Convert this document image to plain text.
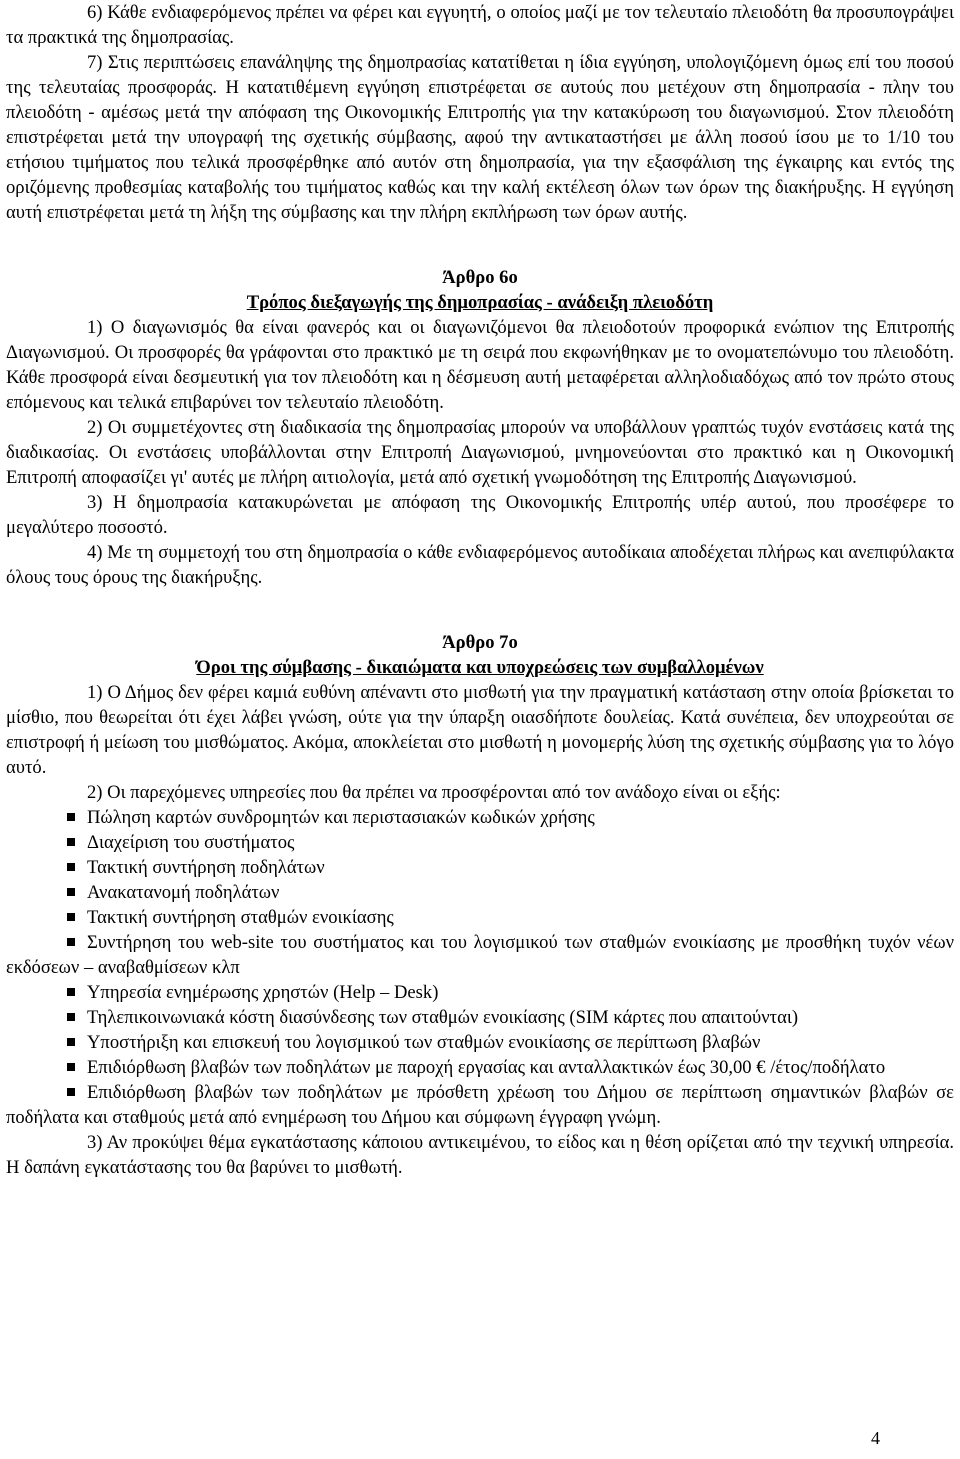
6) Κάθε ενδιαφερόμενος πρέπει να φέρει και εγγυητή, ο οποίος μαζί με τον τελευταίο πλειοδότη θα προσυπογράψει τα πρακτικά της δημοπρασίας.

7) Στις περιπτώσεις επανάληψης της δημοπρασίας κατατίθεται η ίδια εγγύηση, υπολογιζόμενη όμως επί του ποσού της τελευταίας προσφοράς. Η κατατιθέμενη εγγύηση επιστρέφεται σε αυτούς που μετέχουν στη δημοπρασία - πλην του πλειοδότη - αμέσως μετά την απόφαση της Οικονομικής Επιτροπής για την κατακύρωση του διαγωνισμού. Στον πλειοδότη επιστρέφεται μετά την υπογραφή της σχετικής σύμβασης, αφού την αντικαταστήσει με άλλη ποσού ίσου με το 1/10 του ετήσιου τιμήματος που τελικά προσφέρθηκε από αυτόν στη δημοπρασία, για την εξασφάλιση της έγκαιρης και εντός της οριζόμενης προθεσμίας καταβολής του τιμήματος καθώς και την καλή εκτέλεση όλων των όρων της διακήρυξης. Η εγγύηση αυτή επιστρέφεται μετά τη λήξη της σύμβασης και την πλήρη εκπλήρωση των όρων αυτής.

Άρθρο 6ο

Τρόπος διεξαγωγής της δημοπρασίας - ανάδειξη πλειοδότη

1) Ο διαγωνισμός θα είναι φανερός και οι διαγωνιζόμενοι θα πλειοδοτούν προφορικά ενώπιον της Επιτροπής Διαγωνισμού. Οι προσφορές θα γράφονται στο πρακτικό με τη σειρά που εκφωνήθηκαν με το ονοματεπώνυμο του πλειοδότη. Κάθε προσφορά είναι δεσμευτική για τον πλειοδότη και η δέσμευση αυτή μεταφέρεται αλληλοδιαδόχως από τον πρώτο στους επόμενους και τελικά επιβαρύνει τον τελευταίο πλειοδότη.

2) Οι συμμετέχοντες στη διαδικασία της δημοπρασίας μπορούν να υποβάλλουν γραπτώς τυχόν ενστάσεις κατά της διαδικασίας. Οι ενστάσεις υποβάλλονται στην Επιτροπή Διαγωνισμού, μνημονεύονται στο πρακτικό και η Οικονομική Επιτροπή αποφασίζει γι' αυτές με πλήρη αιτιολογία, μετά από σχετική γνωμοδότηση της Επιτροπής Διαγωνισμού.

3) Η δημοπρασία κατακυρώνεται με απόφαση της Οικονομικής Επιτροπής υπέρ αυτού, που προσέφερε το μεγαλύτερο ποσοστό.

4) Με τη συμμετοχή του στη δημοπρασία ο κάθε ενδιαφερόμενος αυτοδίκαια αποδέχεται πλήρως και ανεπιφύλακτα όλους τους όρους της διακήρυξης.

Άρθρο 7ο

Όροι της σύμβασης - δικαιώματα και υποχρεώσεις των συμβαλλομένων

1) Ο Δήμος δεν φέρει καμιά ευθύνη απέναντι στο μισθωτή για την πραγματική κατάσταση στην οποία βρίσκεται το μίσθιο, που θεωρείται ότι έχει λάβει γνώση, ούτε για την ύπαρξη οιασδήποτε δουλείας. Κατά συνέπεια, δεν υποχρεούται σε επιστροφή ή μείωση του μισθώματος. Ακόμα, αποκλείεται στο μισθωτή η μονομερής λύση της σχετικής σύμβασης για το λόγο αυτό.

2) Οι παρεχόμενες υπηρεσίες που θα πρέπει να προσφέρονται από τον ανάδοχο είναι οι εξής:

Πώληση καρτών συνδρομητών και περιστασιακών κωδικών χρήσης
Διαχείριση του συστήματος
Τακτική συντήρηση ποδηλάτων
Ανακατανομή ποδηλάτων
Τακτική συντήρηση σταθμών ενοικίασης
Συντήρηση του web-site του συστήματος και του λογισμικού των σταθμών ενοικίασης με προσθήκη τυχόν νέων εκδόσεων – αναβαθμίσεων κλπ
Υπηρεσία ενημέρωσης χρηστών (Help – Desk)
Τηλεπικοινωνιακά κόστη διασύνδεσης των σταθμών ενοικίασης (SIM κάρτες που απαιτούνται)
Υποστήριξη και επισκευή του λογισμικού των σταθμών ενοικίασης σε περίπτωση βλαβών
Επιδιόρθωση βλαβών των ποδηλάτων με παροχή εργασίας και ανταλλακτικών έως 30,00 € /έτος/ποδήλατο
Επιδιόρθωση βλαβών των ποδηλάτων με πρόσθετη χρέωση του Δήμου σε περίπτωση σημαντικών βλαβών σε ποδήλατα και σταθμούς μετά από ενημέρωση του Δήμου και σύμφωνη έγγραφη γνώμη.

3) Αν προκύψει θέμα εγκατάστασης κάποιου αντικειμένου, το είδος και η θέση ορίζεται από την τεχνική υπηρεσία. Η δαπάνη εγκατάστασης του θα βαρύνει το μισθωτή.

4
